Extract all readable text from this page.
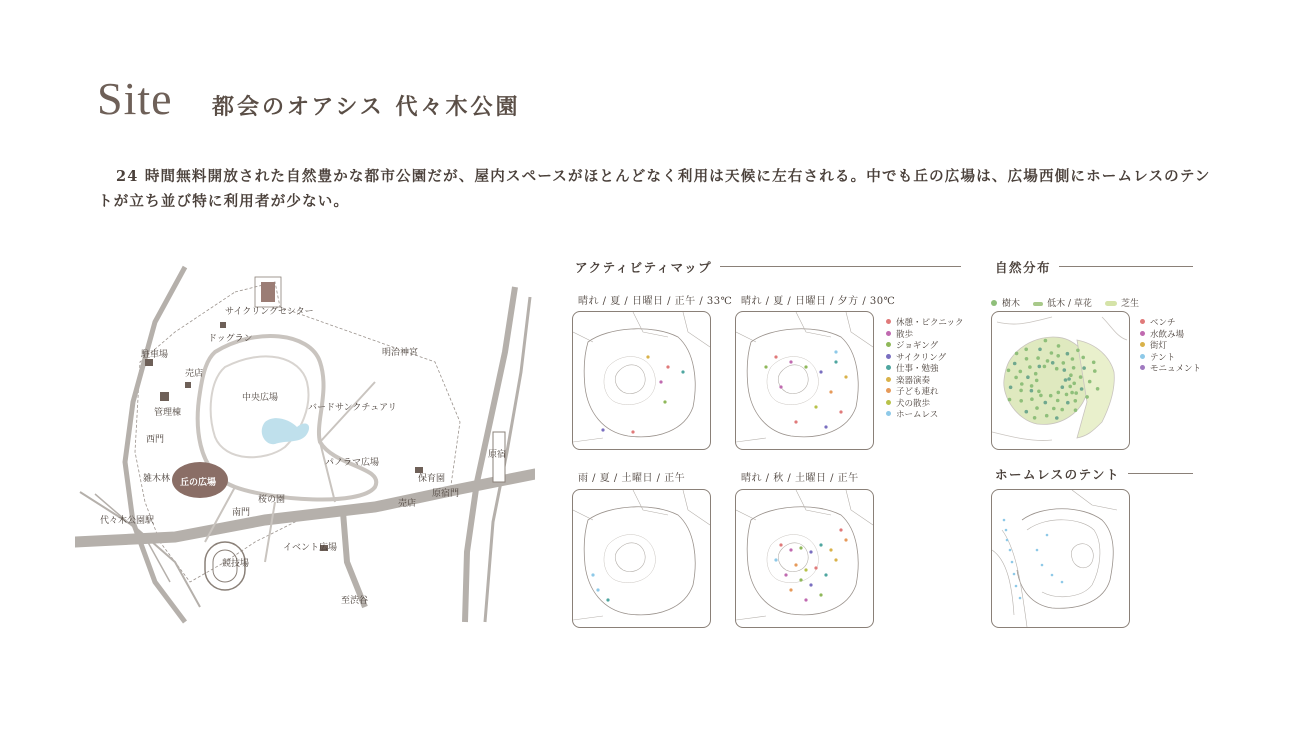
Site 都会のオアシス 代々木公園
24 時間無料開放された自然豊かな都市公園だが、屋内スペースがほとんどなく利用は天候に左右される。中でも丘の広場は、広場西側にホームレスのテントが立ち並び特に利用者が少ない。
サイクリングセンター
ドッグラン
駐車場
売店
管理棟
西門
雑木林 丘の広場
代々木公園駅
中央広場
明治神宮
バードサンクチュアリ
パノラマ広場
保育園
原宿門
売店
原宿
桜の園
南門
イベント広場
競技場
至渋谷
アクティビティマップ
晴れ / 夏 / 日曜日 / 正午 / 33℃ 晴れ / 夏 / 日曜日 / 夕方 / 30℃
雨 / 夏 / 土曜日 / 正午	晴れ / 秋 / 土曜日 / 正午
休憩・ピクニック
散歩
ジョギング
サイクリング
仕事・勉強
楽器演奏
子ども連れ
犬の散歩
ホームレス
自然分布
樹木	低木 / 草花	芝生
ベンチ
水飲み場
街灯
テント
モニュメント
ホームレスのテント
